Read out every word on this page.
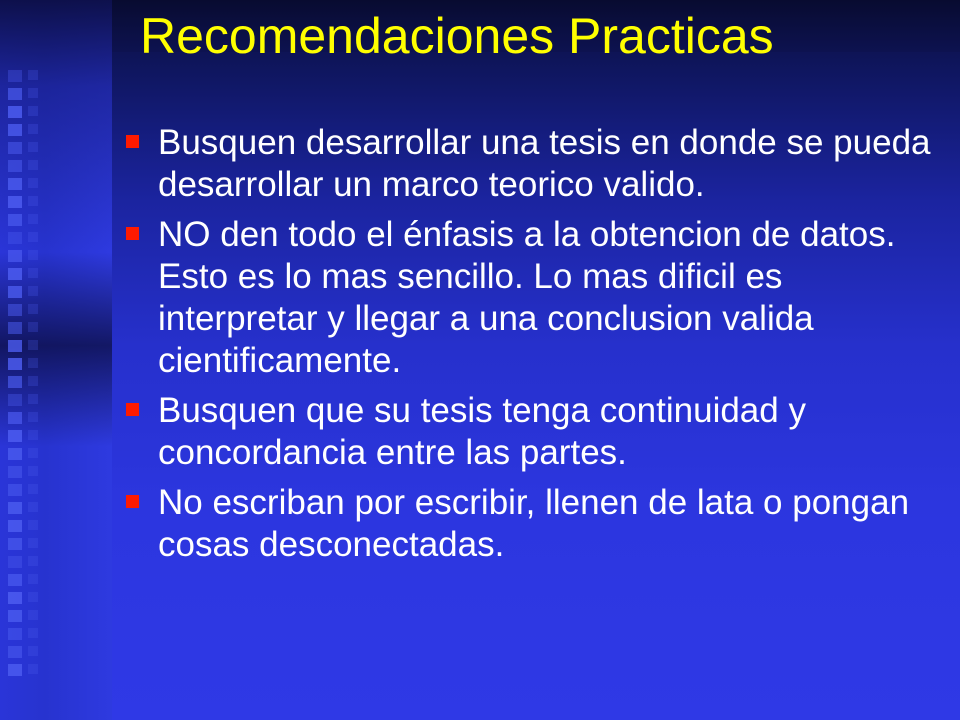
Recomendaciones Practicas
Busquen desarrollar una tesis en donde se pueda desarrollar un marco teorico valido.
NO den todo el énfasis a la obtencion de datos. Esto es lo mas sencillo. Lo mas dificil es interpretar y llegar a una conclusion valida cientificamente.
Busquen que su tesis tenga continuidad y concordancia entre las partes.
No escriban por escribir, llenen de lata o pongan cosas desconectadas.
